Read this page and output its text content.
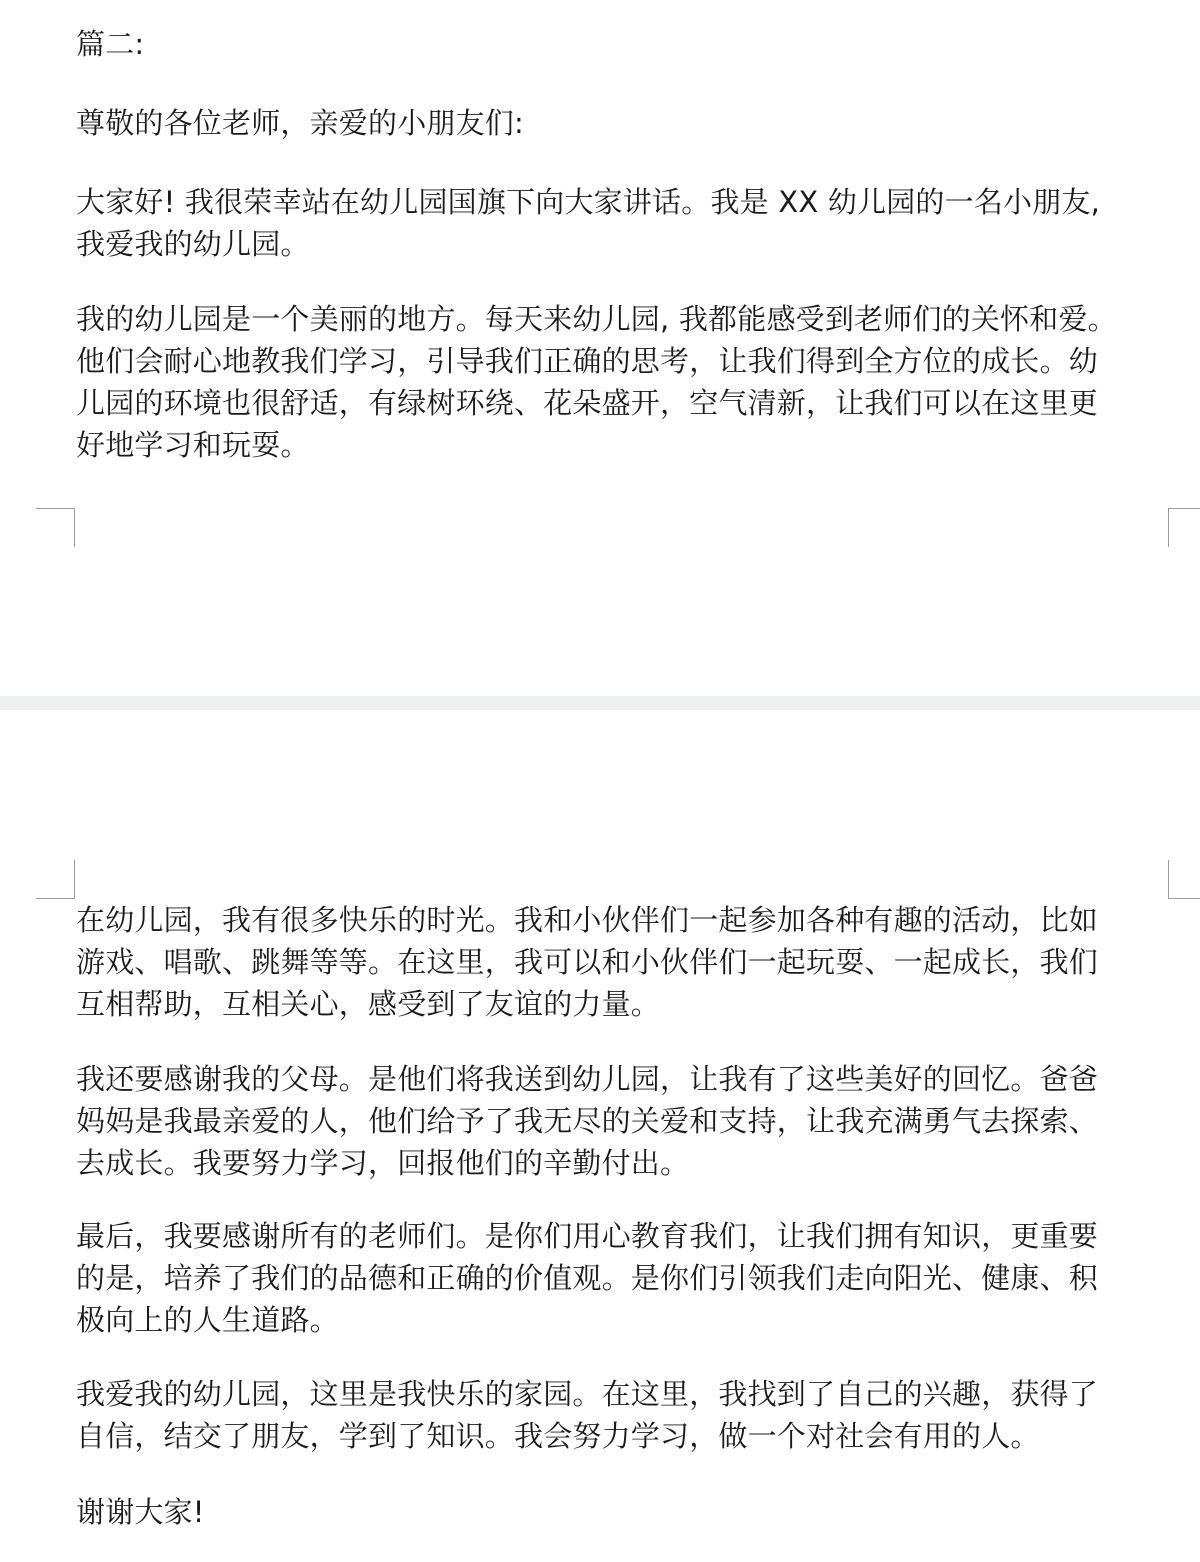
篇二:
尊敬的各位老师，亲爱的小朋友们:
大家好! 我很荣幸站在幼儿园国旗下向大家讲话。我是 XX 幼儿园的一名小朋友,
我爱我的幼儿园。
我的幼儿园是一个美丽的地方。每天来幼儿园, 我都能感受到老师们的关怀和爱。
他们会耐心地教我们学习，引导我们正确的思考，让我们得到全方位的成长。幼
儿园的环境也很舒适，有绿树环绕、花朵盛开，空气清新，让我们可以在这里更
好地学习和玩耍。
在幼儿园，我有很多快乐的时光。我和小伙伴们一起参加各种有趣的活动，比如
游戏、唱歌、跳舞等等。在这里，我可以和小伙伴们一起玩耍、一起成长，我们
互相帮助，互相关心，感受到了友谊的力量。
我还要感谢我的父母。是他们将我送到幼儿园，让我有了这些美好的回忆。爸爸
妈妈是我最亲爱的人，他们给予了我无尽的关爱和支持，让我充满勇气去探索、
去成长。我要努力学习，回报他们的辛勤付出。
最后，我要感谢所有的老师们。是你们用心教育我们，让我们拥有知识，更重要
的是，培养了我们的品德和正确的价值观。是你们引领我们走向阳光、健康、积
极向上的人生道路。
我爱我的幼儿园，这里是我快乐的家园。在这里，我找到了自己的兴趣，获得了
自信，结交了朋友，学到了知识。我会努力学习，做一个对社会有用的人。
谢谢大家!
